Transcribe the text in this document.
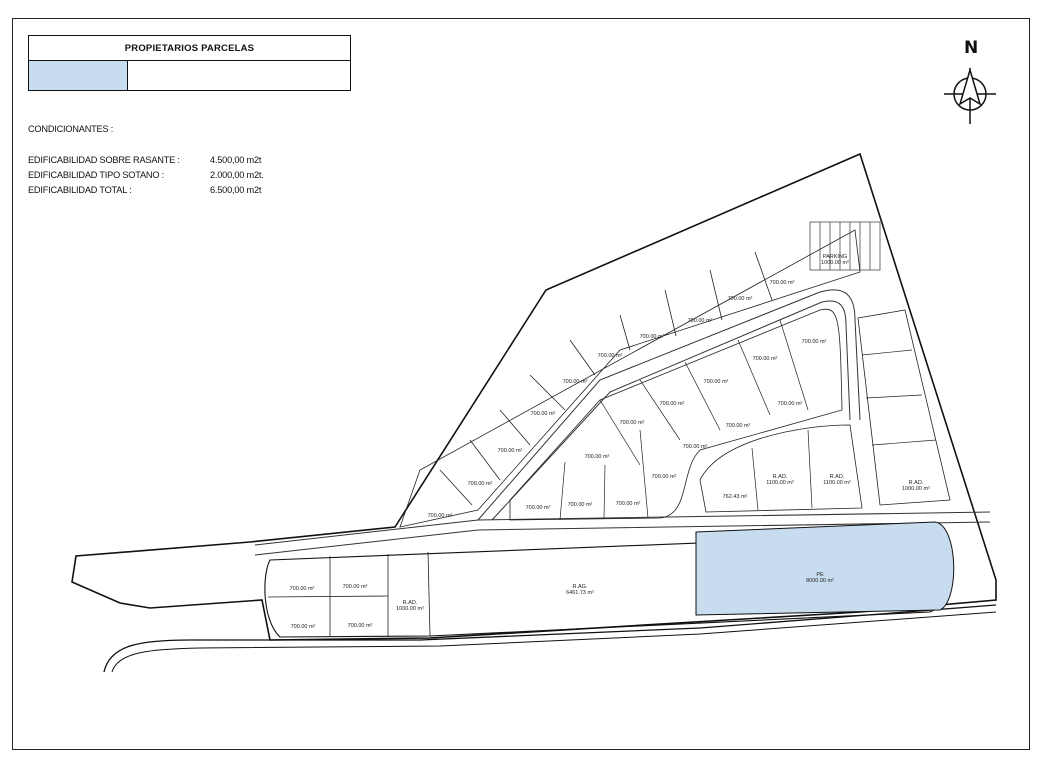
PROPIETARIOS PARCELAS
CONDICIONANTES :
EDIFICABILIDAD SOBRE RASANTE :	4.500,00 m2t
EDIFICABILIDAD TIPO SOTANO :	2.000,00 m2t.
EDIFICABILIDAD TOTAL :	6.500,00 m2t
N
700.00 m²	700.00 m²
700.00 m²	700.00 m²
R.AD.
1000.00 m²
R.AG.
6461.73 m²
PE
8000.00 m²
700.00 m²
700.00 m²
700.00 m²
700.00 m²
700.00 m²
700.00 m²
700.00 m²
700.00 m²
700.00 m²
700.00 m²
700.00 m²	700.00 m²	700.00 m²
700.00 m²
700.00 m²
700.00 m²
700.00 m²
700.00 m²
700.00 m²
700.00 m²
700.00 m²
700.00 m²
700.00 m²
762.43 m²
R.AD.
1100.00 m²
R.AD.
1100.00 m²	R.AD.
1000.00 m²
PARKING
1000.00 m²
